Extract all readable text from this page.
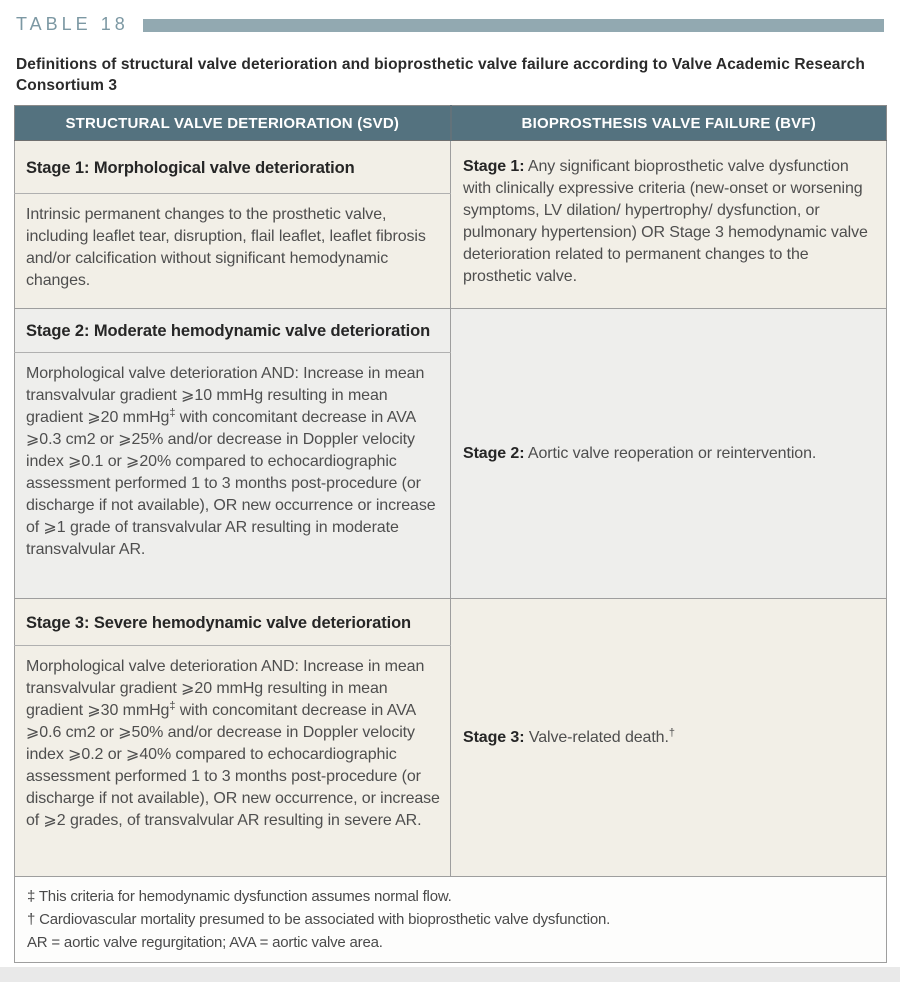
TABLE 18
Definitions of structural valve deterioration and bioprosthetic valve failure according to Valve Academic Research Consortium 3
STRUCTURAL VALVE DETERIORATION (SVD)	BIOPROSTHESIS VALVE FAILURE (BVF)
Stage 1: Morphological valve deterioration	Stage 1: Any significant bioprosthetic valve dysfunction with clinically expressive criteria (new-onset or worsening symptoms, LV dilation/ hypertrophy/ dysfunction, or pulmonary hypertension) OR Stage 3 hemodynamic valve deterioration related to permanent changes to the prosthetic valve.
Intrinsic permanent changes to the prosthetic valve, including leaflet tear, disruption, flail leaflet, leaflet fibrosis and/or calcification without significant hemodynamic changes.	
Stage 2: Moderate hemodynamic valve deterioration	Stage 2: Aortic valve reoperation or reintervention.
Morphological valve deterioration AND: Increase in mean transvalvular gradient ⩾10 mmHg resulting in mean gradient ⩾20 mmHg‡ with concomitant decrease in AVA ⩾0.3 cm2 or ⩾25% and/or decrease in Doppler velocity index ⩾0.1 or ⩾20% compared to echocardiographic assessment performed 1 to 3 months post-procedure (or discharge if not available), OR new occurrence or increase of ⩾1 grade of transvalvular AR resulting in moderate transvalvular AR.	
Stage 3: Severe hemodynamic valve deterioration	Stage 3: Valve-related death.†
Morphological valve deterioration AND: Increase in mean transvalvular gradient ⩾20 mmHg resulting in mean gradient ⩾30 mmHg‡ with concomitant decrease in AVA ⩾0.6 cm2 or ⩾50% and/or decrease in Doppler velocity index ⩾0.2 or ⩾40% compared to echocardiographic assessment performed 1 to 3 months post-procedure (or discharge if not available), OR new occurrence, or increase of ⩾2 grades, of transvalvular AR resulting in severe AR.	

‡ This criteria for hemodynamic dysfunction assumes normal flow.
† Cardiovascular mortality presumed to be associated with bioprosthetic valve dysfunction.
AR = aortic valve regurgitation; AVA = aortic valve area.	
